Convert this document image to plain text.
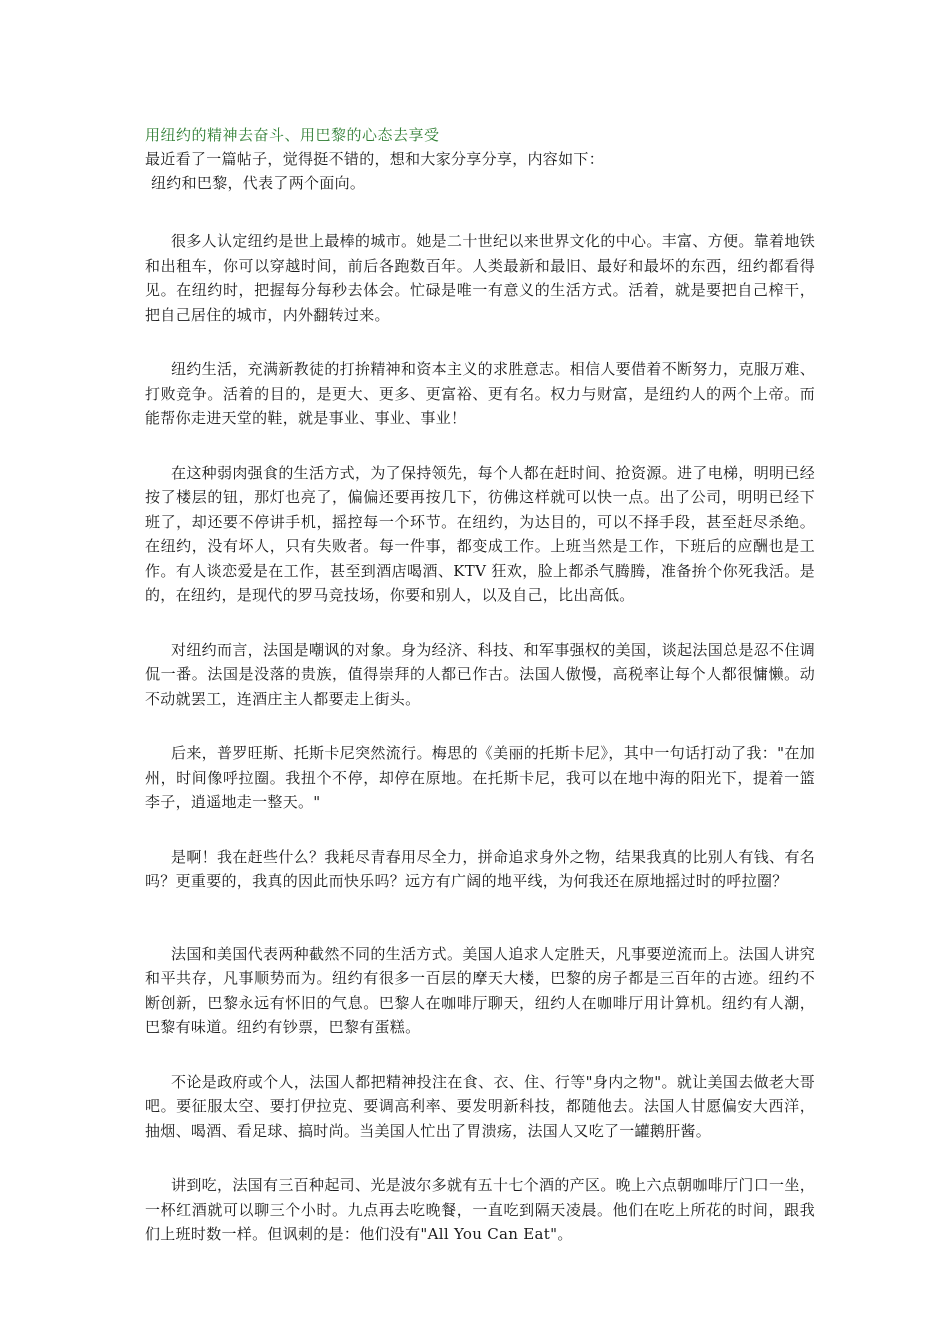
用纽约的精神去奋斗、用巴黎的心态去享受

最近看了一篇帖子，觉得挺不错的，想和大家分享分享，内容如下：

纽约和巴黎，代表了两个面向。

很多人认定纽约是世上最棒的城市。她是二十世纪以来世界文化的中心。丰富、方便。靠着地铁和出租车，你可以穿越时间，前后各跑数百年。人类最新和最旧、最好和最坏的东西，纽约都看得见。在纽约时，把握每分每秒去体会。忙碌是唯一有意义的生活方式。活着，就是要把自己榨干，把自己居住的城市，内外翻转过来。

纽约生活，充满新教徒的打拚精神和资本主义的求胜意志。相信人要借着不断努力，克服万难、打败竞争。活着的目的，是更大、更多、更富裕、更有名。权力与财富，是纽约人的两个上帝。而能帮你走进天堂的鞋，就是事业、事业、事业！

在这种弱肉强食的生活方式，为了保持领先，每个人都在赶时间、抢资源。进了电梯，明明已经按了楼层的钮，那灯也亮了，偏偏还要再按几下，彷佛这样就可以快一点。出了公司，明明已经下班了，却还要不停讲手机，摇控每一个环节。在纽约，为达目的，可以不择手段，甚至赶尽杀绝。在纽约，没有坏人，只有失败者。每一件事，都变成工作。上班当然是工作，下班后的应酬也是工作。有人谈恋爱是在工作，甚至到酒店喝酒、KTV 狂欢，脸上都杀气腾腾，准备拚个你死我活。是的，在纽约，是现代的罗马竞技场，你要和别人，以及自己，比出高低。

对纽约而言，法国是嘲讽的对象。身为经济、科技、和军事强权的美国，谈起法国总是忍不住调侃一番。法国是没落的贵族，值得崇拜的人都已作古。法国人傲慢，高税率让每个人都很慵懒。动不动就罢工，连酒庄主人都要走上街头。

后来，普罗旺斯、托斯卡尼突然流行。梅思的《美丽的托斯卡尼》，其中一句话打动了我："在加州，时间像呼拉圈。我扭个不停，却停在原地。在托斯卡尼，我可以在地中海的阳光下，提着一篮李子，逍遥地走一整天。"

是啊！我在赶些什么？我耗尽青春用尽全力，拼命追求身外之物，结果我真的比别人有钱、有名吗？更重要的，我真的因此而快乐吗？远方有广阔的地平线，为何我还在原地摇过时的呼拉圈？

法国和美国代表两种截然不同的生活方式。美国人追求人定胜天，凡事要逆流而上。法国人讲究和平共存，凡事顺势而为。纽约有很多一百层的摩天大楼，巴黎的房子都是三百年的古迹。纽约不断创新，巴黎永远有怀旧的气息。巴黎人在咖啡厅聊天，纽约人在咖啡厅用计算机。纽约有人潮，巴黎有味道。纽约有钞票，巴黎有蛋糕。

不论是政府或个人，法国人都把精神投注在食、衣、住、行等"身内之物"。就让美国去做老大哥吧。要征服太空、要打伊拉克、要调高利率、要发明新科技，都随他去。法国人甘愿偏安大西洋，抽烟、喝酒、看足球、搞时尚。当美国人忙出了胃溃疡，法国人又吃了一罐鹅肝酱。

讲到吃，法国有三百种起司、光是波尔多就有五十七个酒的产区。晚上六点朝咖啡厅门口一坐，一杯红酒就可以聊三个小时。九点再去吃晚餐，一直吃到隔天凌晨。他们在吃上所花的时间，跟我们上班时数一样。但讽刺的是：他们没有"All You Can Eat"。
